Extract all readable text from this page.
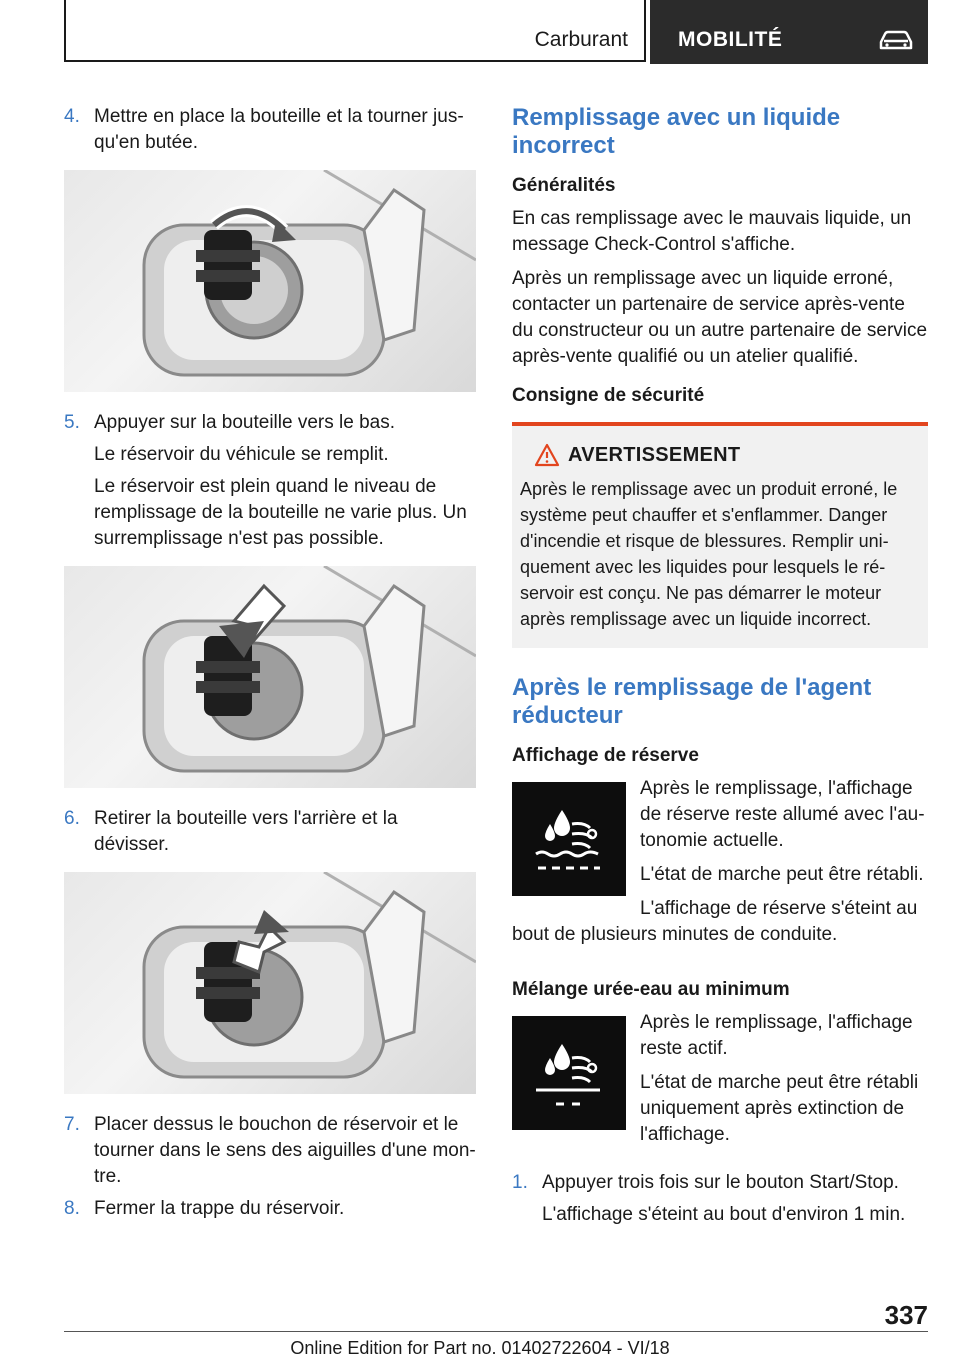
Carburant MOBILITÉ
4. Mettre en place la bouteille et la tourner jusqu'en butée.

5. Appuyer sur la bouteille vers le bas.

Le réservoir du véhicule se remplit.

Le réservoir est plein quand le niveau de remplissage de la bouteille ne varie plus. Un surremplissage n'est pas possible.

6. Retirer la bouteille vers l'arrière et la dévisser.

7. Placer dessus le bouchon de réservoir et le tourner dans le sens des aiguilles d'une montre.

8. Fermer la trappe du réservoir.

Remplissage avec un liquide incorrect
Généralités

En cas remplissage avec le mauvais liquide, un message Check-Control s'affiche.

Après un remplissage avec un liquide erroné, contacter un partenaire de service après-vente du constructeur ou un autre partenaire de service après-vente qualifié ou un atelier qualifié.

Consigne de sécurité
AVERTISSEMENT

Après le remplissage avec un produit erroné, le système peut chauffer et s'enflammer. Danger d'incendie et risque de blessures. Remplir uniquement avec les liquides pour lesquels le réservoir est conçu. Ne pas démarrer le moteur après remplissage avec un liquide incorrect.

Après le remplissage de l'agent réducteur
Affichage de réserve

Après le remplissage, l'affichage de réserve reste allumé avec l'autonomie actuelle.

L'état de marche peut être rétabli.

L'affichage de réserve s'éteint au bout de plusieurs minutes de conduite.

Mélange urée-eau au minimum

Après le remplissage, l'affichage reste actif.

L'état de marche peut être rétabli uniquement après extinction de l'affichage.

1. Appuyer trois fois sur le bouton Start/Stop.

L'affichage s'éteint au bout d'environ 1 min.

337
Online Edition for Part no. 01402722604 - VI/18
